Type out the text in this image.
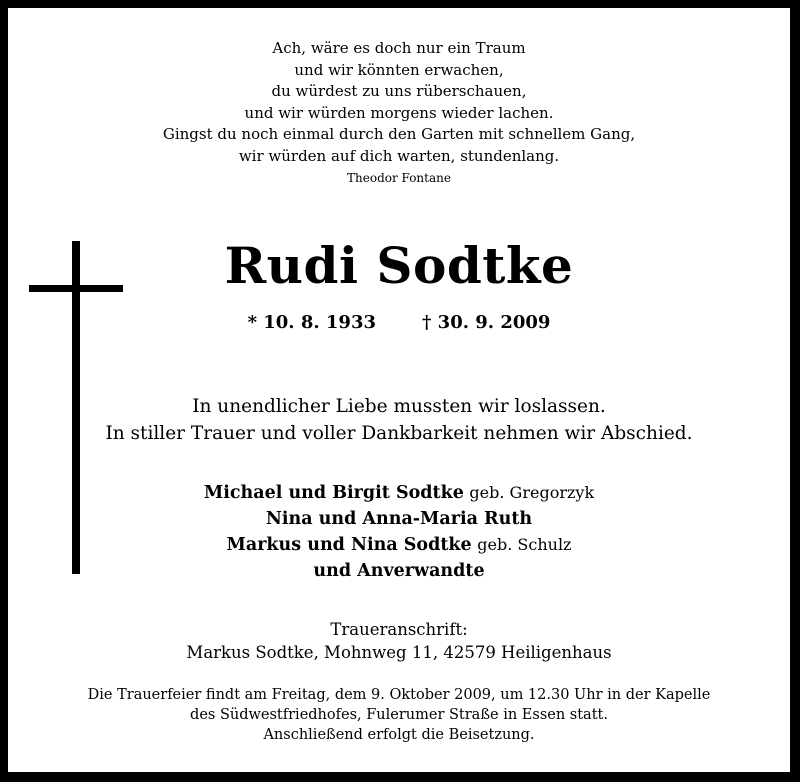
Ach, wäre es doch nur ein Traum
und wir könnten erwachen,
du würdest zu uns rüberschauen,
und wir würden morgens wieder lachen.
Gingst du noch einmal durch den Garten mit schnellem Gang,
wir würden auf dich warten, stundenlang.
Theodor Fontane
Rudi Sodtke
* 10. 8. 1933	† 30. 9. 2009
In unendlicher Liebe mussten wir loslassen.
In stiller Trauer und voller Dankbarkeit nehmen wir Abschied.
Michael und Birgit Sodtke geb. Gregorzyk
Nina und Anna-Maria Ruth
Markus und Nina Sodtke geb. Schulz
und Anverwandte
Traueranschrift:
Markus Sodtke, Mohnweg 11, 42579 Heiligenhaus
Die Trauerfeier findt am Freitag, dem 9. Oktober 2009, um 12.30 Uhr in der Kapelle
des Südwestfriedhofes, Fulerumer Straße in Essen statt.
Anschließend erfolgt die Beisetzung.
